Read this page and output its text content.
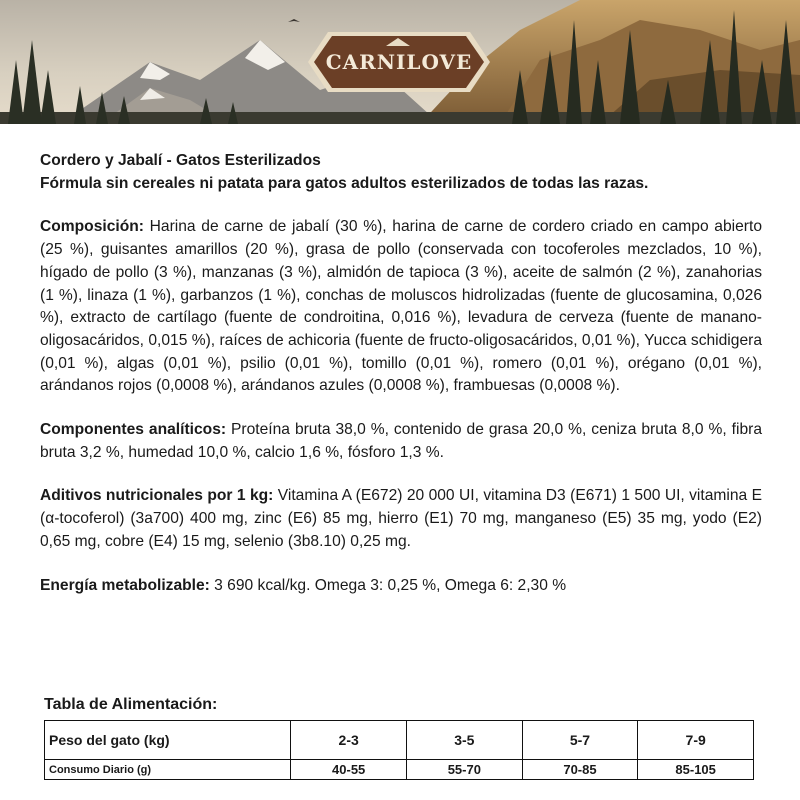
CARNILOVE

Cordero y Jabalí - Gatos Esterilizados

Fórmula sin cereales ni patata para gatos adultos esterilizados de todas las razas.

Composición: Harina de carne de jabalí (30 %), harina de carne de cordero criado en campo abierto (25 %), guisantes amarillos (20 %), grasa de pollo (conservada con tocoferoles mezclados, 10 %), hígado de pollo (3 %), manzanas (3 %), almidón de tapioca (3 %), aceite de salmón (2 %), zanahorias (1 %), linaza (1 %), garbanzos (1 %), conchas de moluscos hidrolizadas (fuente de glucosamina, 0,026 %), extracto de cartílago (fuente de condroitina, 0,016 %), levadura de cerveza (fuente de manano-oligosacáridos, 0,015 %), raíces de achicoria (fuente de fructo-oligosacáridos, 0,01 %), Yucca schidigera (0,01 %), algas (0,01 %), psilio (0,01 %), tomillo (0,01 %), romero (0,01 %), orégano (0,01 %), arándanos rojos (0,0008 %), arándanos azules (0,0008 %), frambuesas (0,0008 %).

Componentes analíticos: Proteína bruta 38,0 %, contenido de grasa 20,0 %, ceniza bruta 8,0 %, fibra bruta 3,2 %, humedad 10,0 %, calcio 1,6 %, fósforo 1,3 %.

Aditivos nutricionales por 1 kg: Vitamina A (E672) 20 000 UI, vitamina D3 (E671) 1 500 UI, vitamina E (α-tocoferol) (3a700) 400 mg, zinc (E6) 85 mg, hierro (E1) 70 mg, manganeso (E5) 35 mg, yodo (E2) 0,65 mg, cobre (E4) 15 mg, selenio (3b8.10) 0,25 mg.

Energía metabolizable: 3 690 kcal/kg. Omega 3: 0,25 %, Omega 6: 2,30 %

Tabla de Alimentación:
Peso del gato (kg)	2-3	3-5	5-7	7-9
Consumo Diario (g)	40-55	55-70	70-85	85-105
